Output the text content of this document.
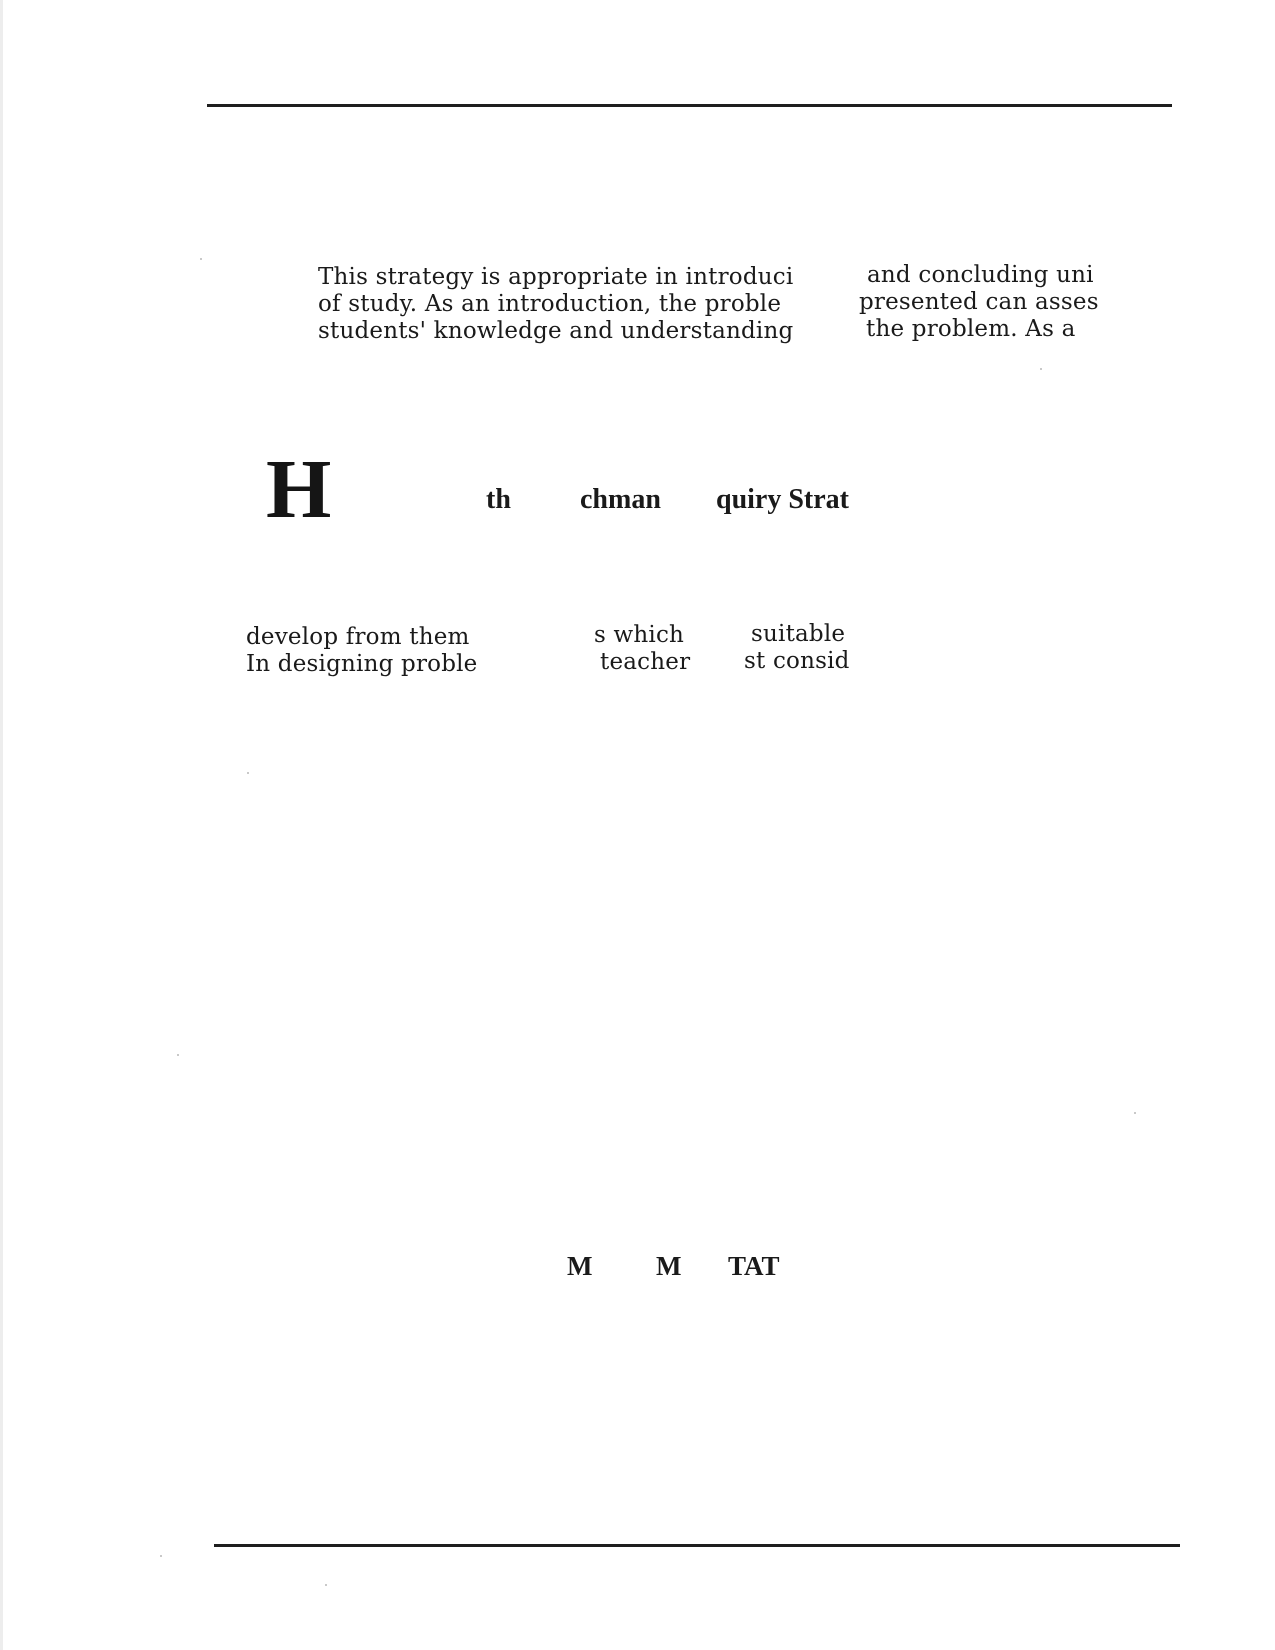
This strategy is appropriate in introduci
of study. As an introduction, the proble
students' knowledge and understanding
and concluding uni
presented can asses
the problem. As a
H	th chman quiry Strat
develop from them
In designing proble
s which
teacher
suitable
st consid
M M TAT
